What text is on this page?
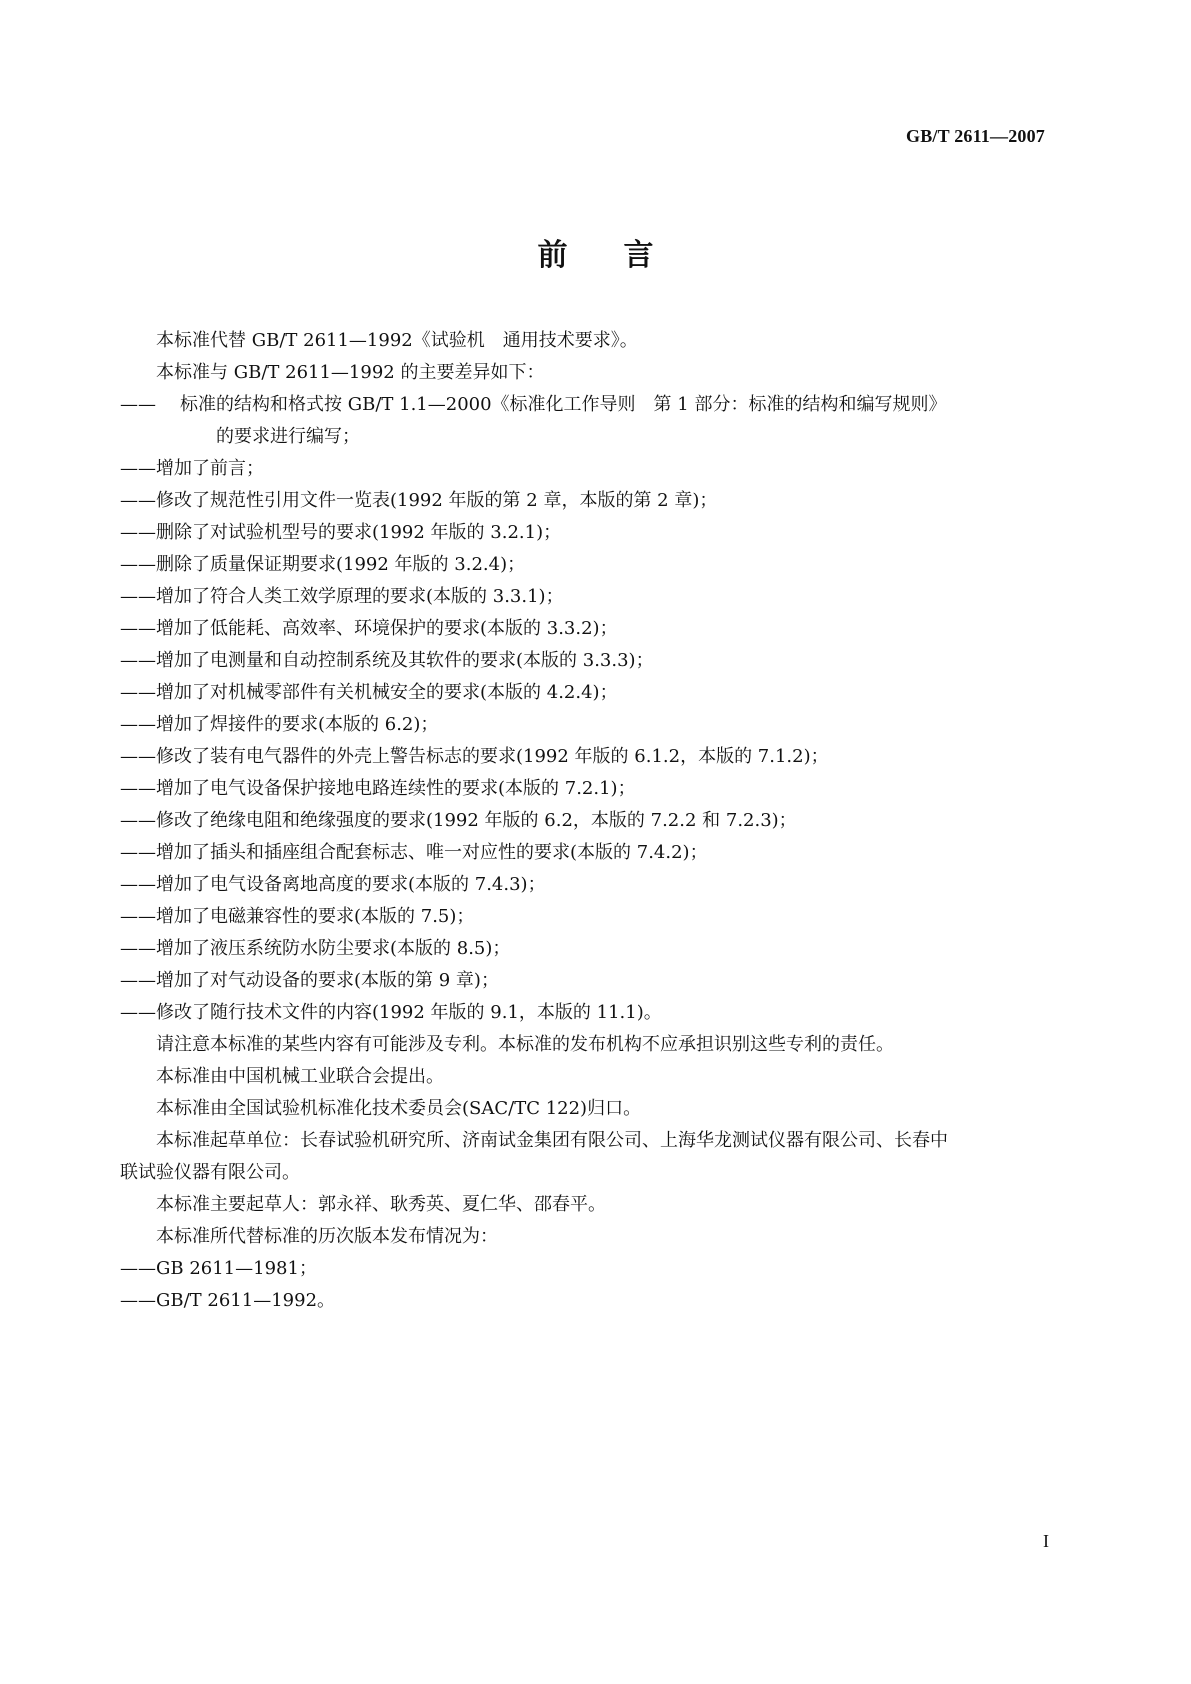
GB/T 2611—2007
前言

本标准代替 GB/T 2611—1992《试验机　通用技术要求》。

本标准与 GB/T 2611—1992 的主要差异如下：

—— 标准的结构和格式按 GB/T 1.1—2000《标准化工作导则　第 1 部分：标准的结构和编写规则》

的要求进行编写；

——增加了前言；

——修改了规范性引用文件一览表(1992 年版的第 2 章，本版的第 2 章)；

——删除了对试验机型号的要求(1992 年版的 3.2.1)；

——删除了质量保证期要求(1992 年版的 3.2.4)；

——增加了符合人类工效学原理的要求(本版的 3.3.1)；

——增加了低能耗、高效率、环境保护的要求(本版的 3.3.2)；

——增加了电测量和自动控制系统及其软件的要求(本版的 3.3.3)；

——增加了对机械零部件有关机械安全的要求(本版的 4.2.4)；

——增加了焊接件的要求(本版的 6.2)；

——修改了装有电气器件的外壳上警告标志的要求(1992 年版的 6.1.2，本版的 7.1.2)；

——增加了电气设备保护接地电路连续性的要求(本版的 7.2.1)；

——修改了绝缘电阻和绝缘强度的要求(1992 年版的 6.2，本版的 7.2.2 和 7.2.3)；

——增加了插头和插座组合配套标志、唯一对应性的要求(本版的 7.4.2)；

——增加了电气设备离地高度的要求(本版的 7.4.3)；

——增加了电磁兼容性的要求(本版的 7.5)；

——增加了液压系统防水防尘要求(本版的 8.5)；

——增加了对气动设备的要求(本版的第 9 章)；

——修改了随行技术文件的内容(1992 年版的 9.1，本版的 11.1)。

请注意本标准的某些内容有可能涉及专利。本标准的发布机构不应承担识别这些专利的责任。

本标准由中国机械工业联合会提出。

本标准由全国试验机标准化技术委员会(SAC/TC 122)归口。

本标准起草单位：长春试验机研究所、济南试金集团有限公司、上海华龙测试仪器有限公司、长春中

联试验仪器有限公司。

本标准主要起草人：郭永祥、耿秀英、夏仁华、邵春平。

本标准所代替标准的历次版本发布情况为：

——GB 2611—1981；

——GB/T 2611—1992。

I
